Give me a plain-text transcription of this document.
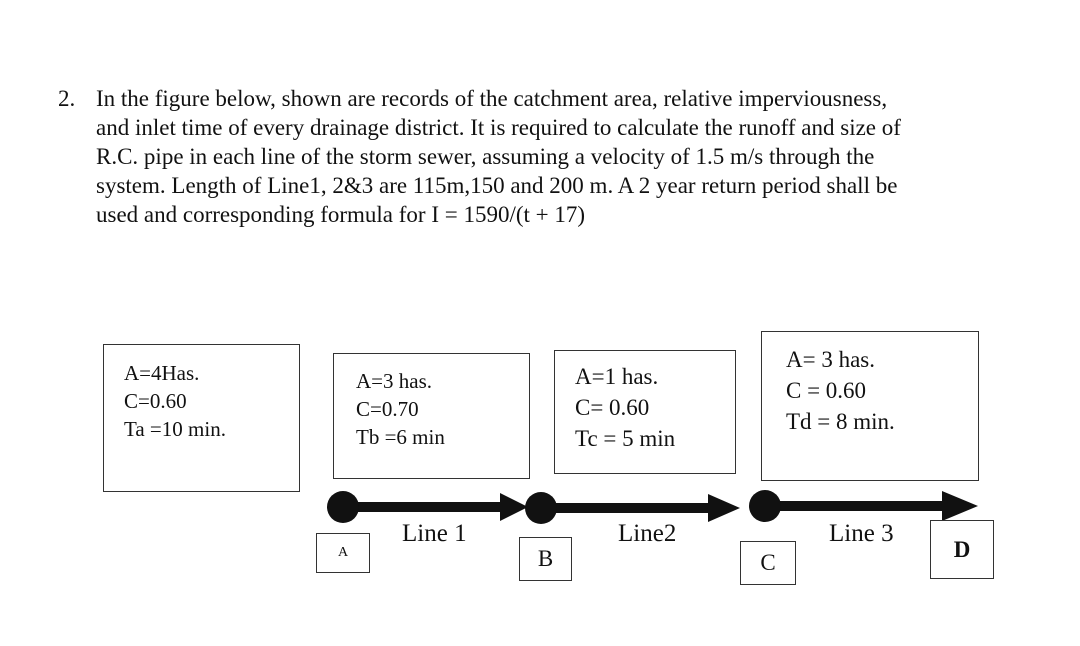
2. In the figure below, shown are records of the catchment area, relative imperviousness,
and inlet time of every drainage district. It is required to calculate the runoff and size of
R.C. pipe in each line of the storm sewer, assuming a velocity of 1.5 m/s through the
system. Length of Line1, 2&3 are 115m,150 and 200 m. A 2 year return period shall be
used and corresponding formula for I = 1590/(t + 17)
A=4Has.
C=0.60
Ta =10 min.
A=3 has.
C=0.70
Tb =6 min
A=1 has.
C= 0.60
Tc = 5 min
A= 3 has.
C = 0.60
Td = 8 min.
Line 1	Line2	Line 3
A	B	C
D
